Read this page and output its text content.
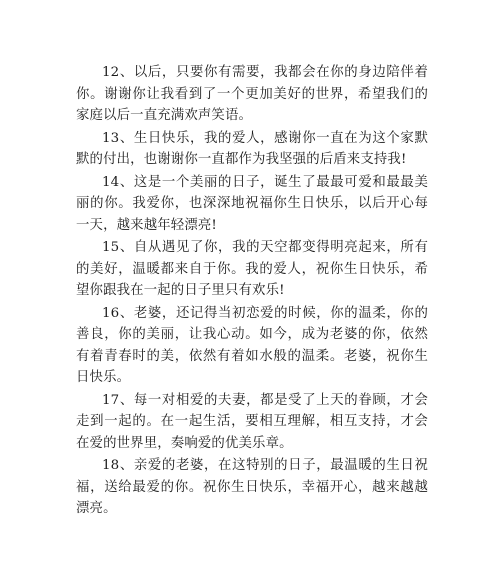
12、以后，只要你有需要，我都会在你的身边陪伴着你。谢谢你让我看到了一个更加美好的世界，希望我们的家庭以后一直充满欢声笑语。

13、生日快乐，我的爱人，感谢你一直在为这个家默默的付出，也谢谢你一直都作为我坚强的后盾来支持我!

14、这是一个美丽的日子，诞生了最最可爱和最最美丽的你。我爱你，也深深地祝福你生日快乐，以后开心每一天，越来越年轻漂亮!

15、自从遇见了你，我的天空都变得明亮起来，所有的美好，温暖都来自于你。我的爱人，祝你生日快乐，希望你跟我在一起的日子里只有欢乐!

16、老婆，还记得当初恋爱的时候，你的温柔，你的善良，你的美丽，让我心动。如今，成为老婆的你，依然有着青春时的美，依然有着如水般的温柔。老婆，祝你生日快乐。

17、每一对相爱的夫妻，都是受了上天的眷顾，才会走到一起的。在一起生活，要相互理解，相互支持，才会在爱的世界里，奏响爱的优美乐章。

18、亲爱的老婆，在这特别的日子，最温暖的生日祝福，送给最爱的你。祝你生日快乐，幸福开心，越来越越漂亮。
